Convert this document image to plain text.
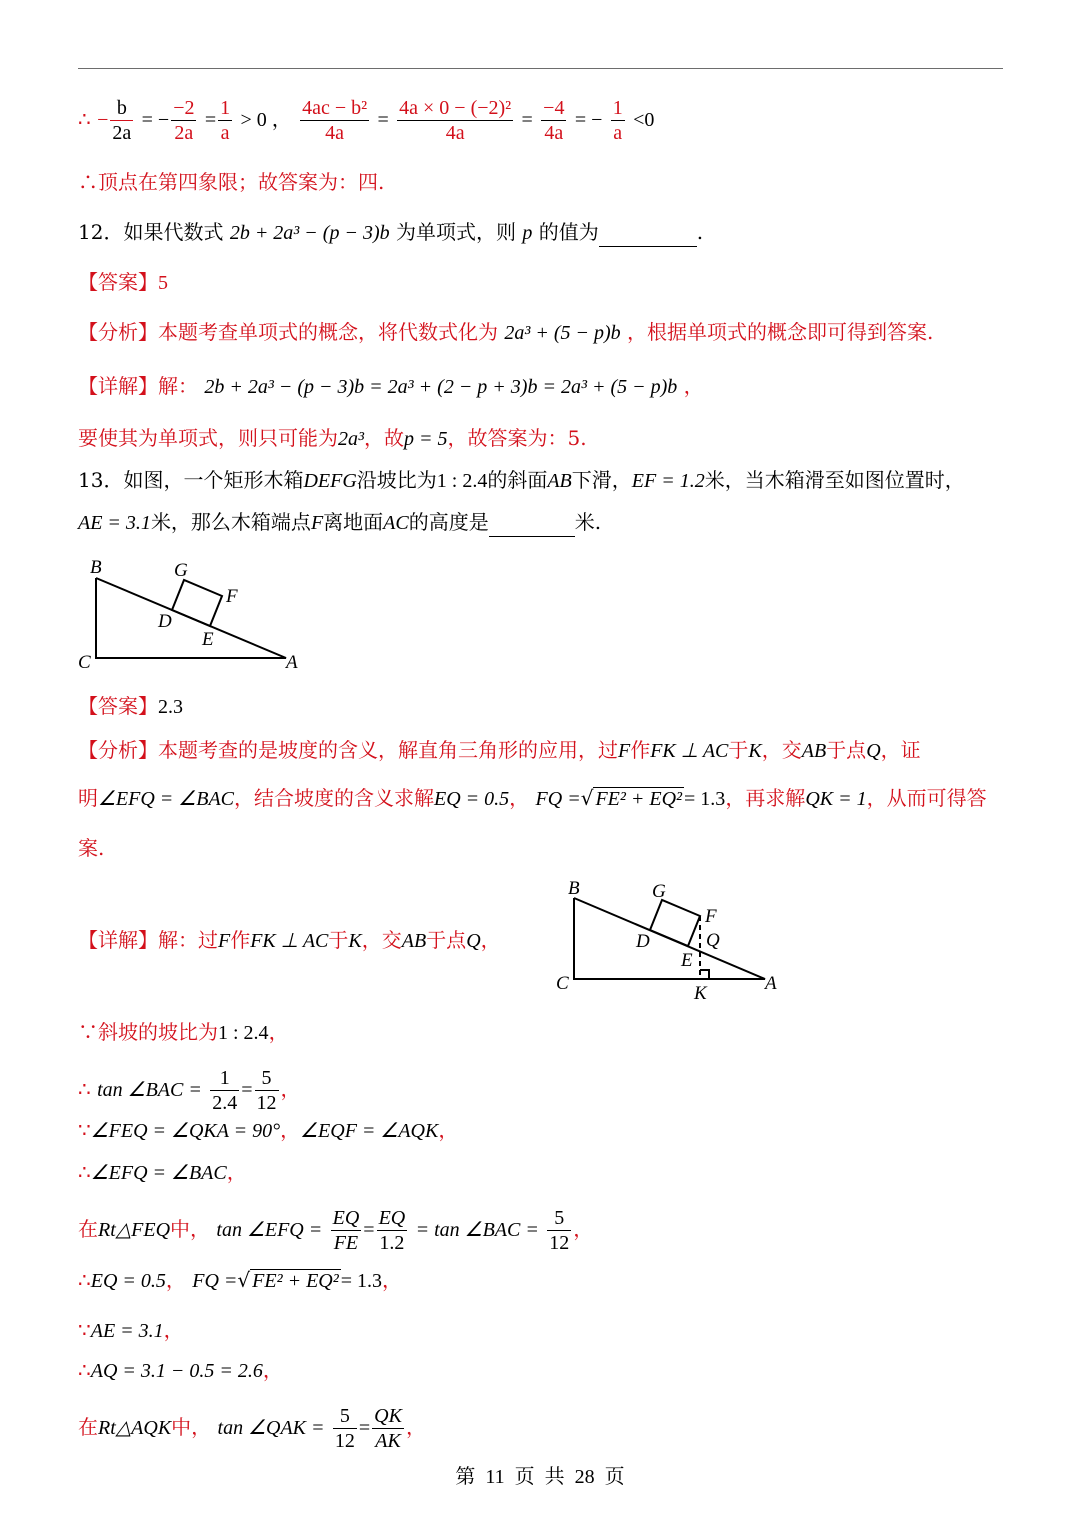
∴ − $\frac{b}{2a}$ = − $\frac{-2}{2a} = \frac{1}{a} > 0$ ， $\frac{\text{4ac − b²}}{4a} = \frac{\text{4a × 0 − (−2)²}}{4a} = \frac{-4}{4a}$ = − $\frac{1}{a} <0$
∴顶点在第四象限；故答案为：四.
12．如果代数式 2b + 2a³ − (p − 3)b 为单项式，则 p 的值为	.
【答案】5
【分析】本题考查单项式的概念，将代数式化为 2a³ + (5 − p)b ，根据单项式的概念即可得到答案.
【详解】解： 2b + 2a³ − (p − 3)b = 2a³ + (2 − p + 3)b = 2a³ + (5 − p)b ，
要使其为单项式，则只可能为2a³，故p = 5，故答案为：5.
13．如图，一个矩形木箱DEFG沿坡比为1 : 2.4的斜面AB下滑，EF = 1.2米，当木箱滑至如图位置时，
AE = 3.1米，那么木箱端点F离地面AC的高度是	米.
B	G
F
D
E
C	A
【答案】2.3
【分析】本题考查的是坡度的含义，解直角三角形的应用，过F作FK ⊥ AC于K，交AB于点Q，证
明∠EFQ = ∠BAC，结合坡度的含义求解EQ = 0.5， FQ =√ FE² + EQ² = 1.3，再求解QK = 1，从而可得答
案.
【详解】解：过F作FK ⊥ AC于K，交AB于点Q，
B	G
F
Q
D
E
C	K	A
∵斜坡的坡比为1 : 2.4，
∴ tan ∠BAC = $\frac{1}{2.4} = \frac{5}{12}$ ，
∵∠FEQ = ∠QKA = 90°，∠EQF = ∠AQK，
∴∠EFQ = ∠BAC，
在Rt△FEQ中， tan ∠EFQ = $\frac{EQ}{FE} = \frac{EQ}{1.2} = \tan$ ∠BAC = $\frac{5}{12}$ ，
∴EQ = 0.5， FQ =√ FE² + EQ² = 1.3，
∵AE = 3.1，
∴AQ = 3.1 − 0.5 = 2.6，
在Rt△AQK中， tan ∠QAK = $\frac{5}{12} = \frac{QK}{AK}$ ，
第 11 页 共 28 页
